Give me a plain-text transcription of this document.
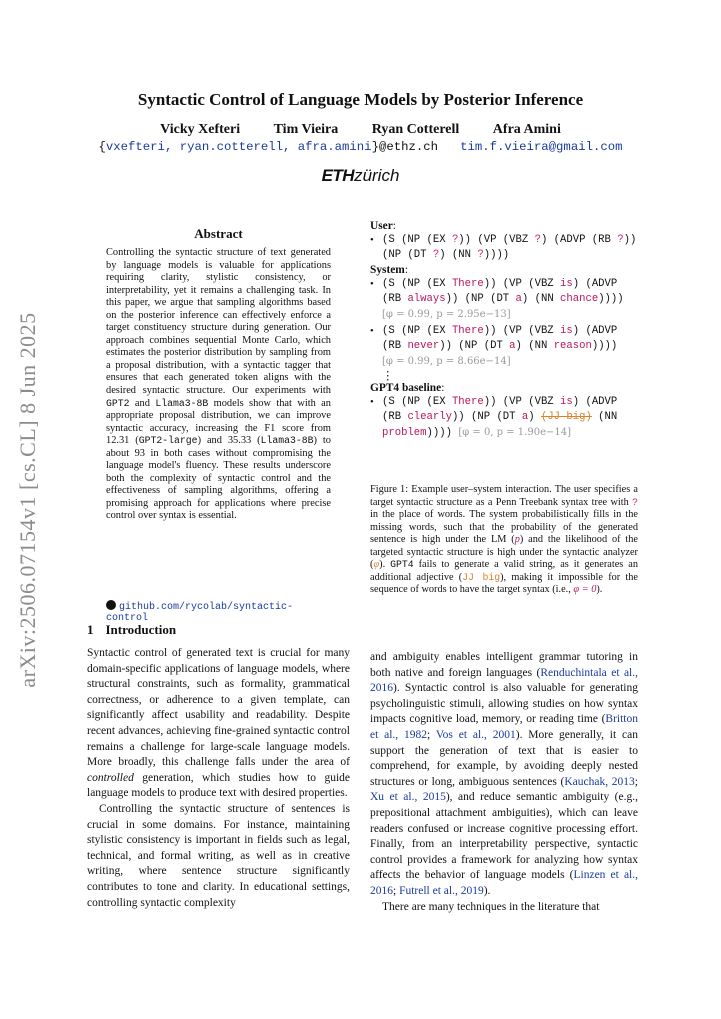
arXiv:2506.07154v1 [cs.CL] 8 Jun 2025
Syntactic Control of Language Models by Posterior Inference
Vicky Xefteri Tim Vieira Ryan Cotterell Afra Amini
{vxefteri, ryan.cotterell, afra.amini}@ethz.ch tim.f.vieira@gmail.com
ETHzürich
Abstract
Controlling the syntactic structure of text generated by language models is valuable for applications requiring clarity, stylistic consistency, or interpretability, yet it remains a challenging task. In this paper, we argue that sampling algorithms based on the posterior inference can effectively enforce a target constituency structure during generation. Our approach combines sequential Monte Carlo, which estimates the posterior distribution by sampling from a proposal distribution, with a syntactic tagger that ensures that each generated token aligns with the desired syntactic structure. Our experiments with GPT2 and Llama3-8B models show that with an appropriate proposal distribution, we can improve syntactic accuracy, increasing the F1 score from 12.31 (GPT2-large) and 35.33 (Llama3-8B) to about 93 in both cases without compromising the language model's fluency. These results underscore both the complexity of syntactic control and the effectiveness of sampling algorithms, offering a promising approach for applications where precise control over syntax is essential.
github.com/rycolab/syntactic-control
1 Introduction

Syntactic control of generated text is crucial for many domain-specific applications of language models, where structural constraints, such as formality, grammatical correctness, or adherence to a given template, can significantly affect usability and readability. Despite recent advances, achieving fine-grained syntactic control remains a challenge for large-scale language models. More broadly, this challenge falls under the area of controlled generation, which studies how to guide language models to produce text with desired properties.

Controlling the syntactic structure of sentences is crucial in some domains. For instance, maintaining stylistic consistency is important in fields such as legal, technical, and formal writing, as well as in creative writing, where sentence structure significantly contributes to tone and clarity. In educational settings, controlling syntactic complexity

User:
• (S (NP (EX ?)) (VP (VBZ ?) (ADVP (RB ?)) (NP (DT ?) (NN ?))))
System:
• (S (NP (EX There)) (VP (VBZ is) (ADVP (RB always)) (NP (DT a) (NN chance))))
[φ = 0.99, p = 2.95e−13]
• (S (NP (EX There)) (VP (VBZ is) (ADVP (RB never)) (NP (DT a) (NN reason))))
[φ = 0.99, p = 8.66e−14]
⋮
GPT4 baseline:
• (S (NP (EX There)) (VP (VBZ is) (ADVP (RB clearly)) (NP (DT a) (JJ big) (NN problem)))) [φ = 0, p = 1.90e−14]
Figure 1: Example user–system interaction. The user specifies a target syntactic structure as a Penn Treebank syntax tree with ? in the place of words. The system probabilistically fills in the missing words, such that the probability of the generated sentence is high under the LM (p) and the likelihood of the targeted syntactic structure is high under the syntactic analyzer (φ). GPT4 fails to generate a valid string, as it generates an additional adjective (JJ big), making it impossible for the sequence of words to have the target syntax (i.e., φ = 0).

and ambiguity enables intelligent grammar tutoring in both native and foreign languages (Renduchintala et al., 2016). Syntactic control is also valuable for generating psycholinguistic stimuli, allowing studies on how syntax impacts cognitive load, memory, or reading time (Britton et al., 1982; Vos et al., 2001). More generally, it can support the generation of text that is easier to comprehend, for example, by avoiding deeply nested structures or long, ambiguous sentences (Kauchak, 2013; Xu et al., 2015), and reduce semantic ambiguity (e.g., prepositional attachment ambiguities), which can leave readers confused or increase cognitive processing effort. Finally, from an interpretability perspective, syntactic control provides a framework for analyzing how syntax affects the behavior of language models (Linzen et al., 2016; Futrell et al., 2019).

There are many techniques in the literature that
